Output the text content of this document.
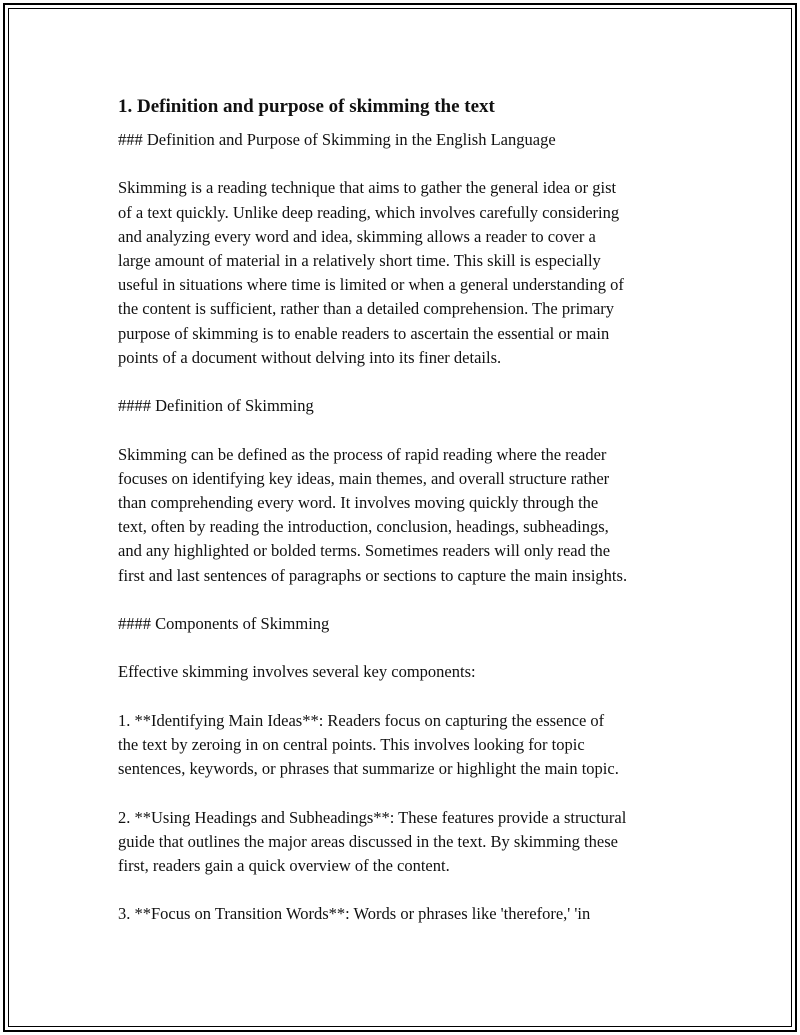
1. Definition and purpose of skimming the text
### Definition and Purpose of Skimming in the English Language
Skimming is a reading technique that aims to gather the general idea or gist
of a text quickly. Unlike deep reading, which involves carefully considering
and analyzing every word and idea, skimming allows a reader to cover a
large amount of material in a relatively short time. This skill is especially
useful in situations where time is limited or when a general understanding of
the content is sufficient, rather than a detailed comprehension. The primary
purpose of skimming is to enable readers to ascertain the essential or main
points of a document without delving into its finer details.
#### Definition of Skimming
Skimming can be defined as the process of rapid reading where the reader
focuses on identifying key ideas, main themes, and overall structure rather
than comprehending every word. It involves moving quickly through the
text, often by reading the introduction, conclusion, headings, subheadings,
and any highlighted or bolded terms. Sometimes readers will only read the
first and last sentences of paragraphs or sections to capture the main insights.
#### Components of Skimming
Effective skimming involves several key components:
1. **Identifying Main Ideas**: Readers focus on capturing the essence of
the text by zeroing in on central points. This involves looking for topic
sentences, keywords, or phrases that summarize or highlight the main topic.
2. **Using Headings and Subheadings**: These features provide a structural
guide that outlines the major areas discussed in the text. By skimming these
first, readers gain a quick overview of the content.
3. **Focus on Transition Words**: Words or phrases like 'therefore,' 'in
